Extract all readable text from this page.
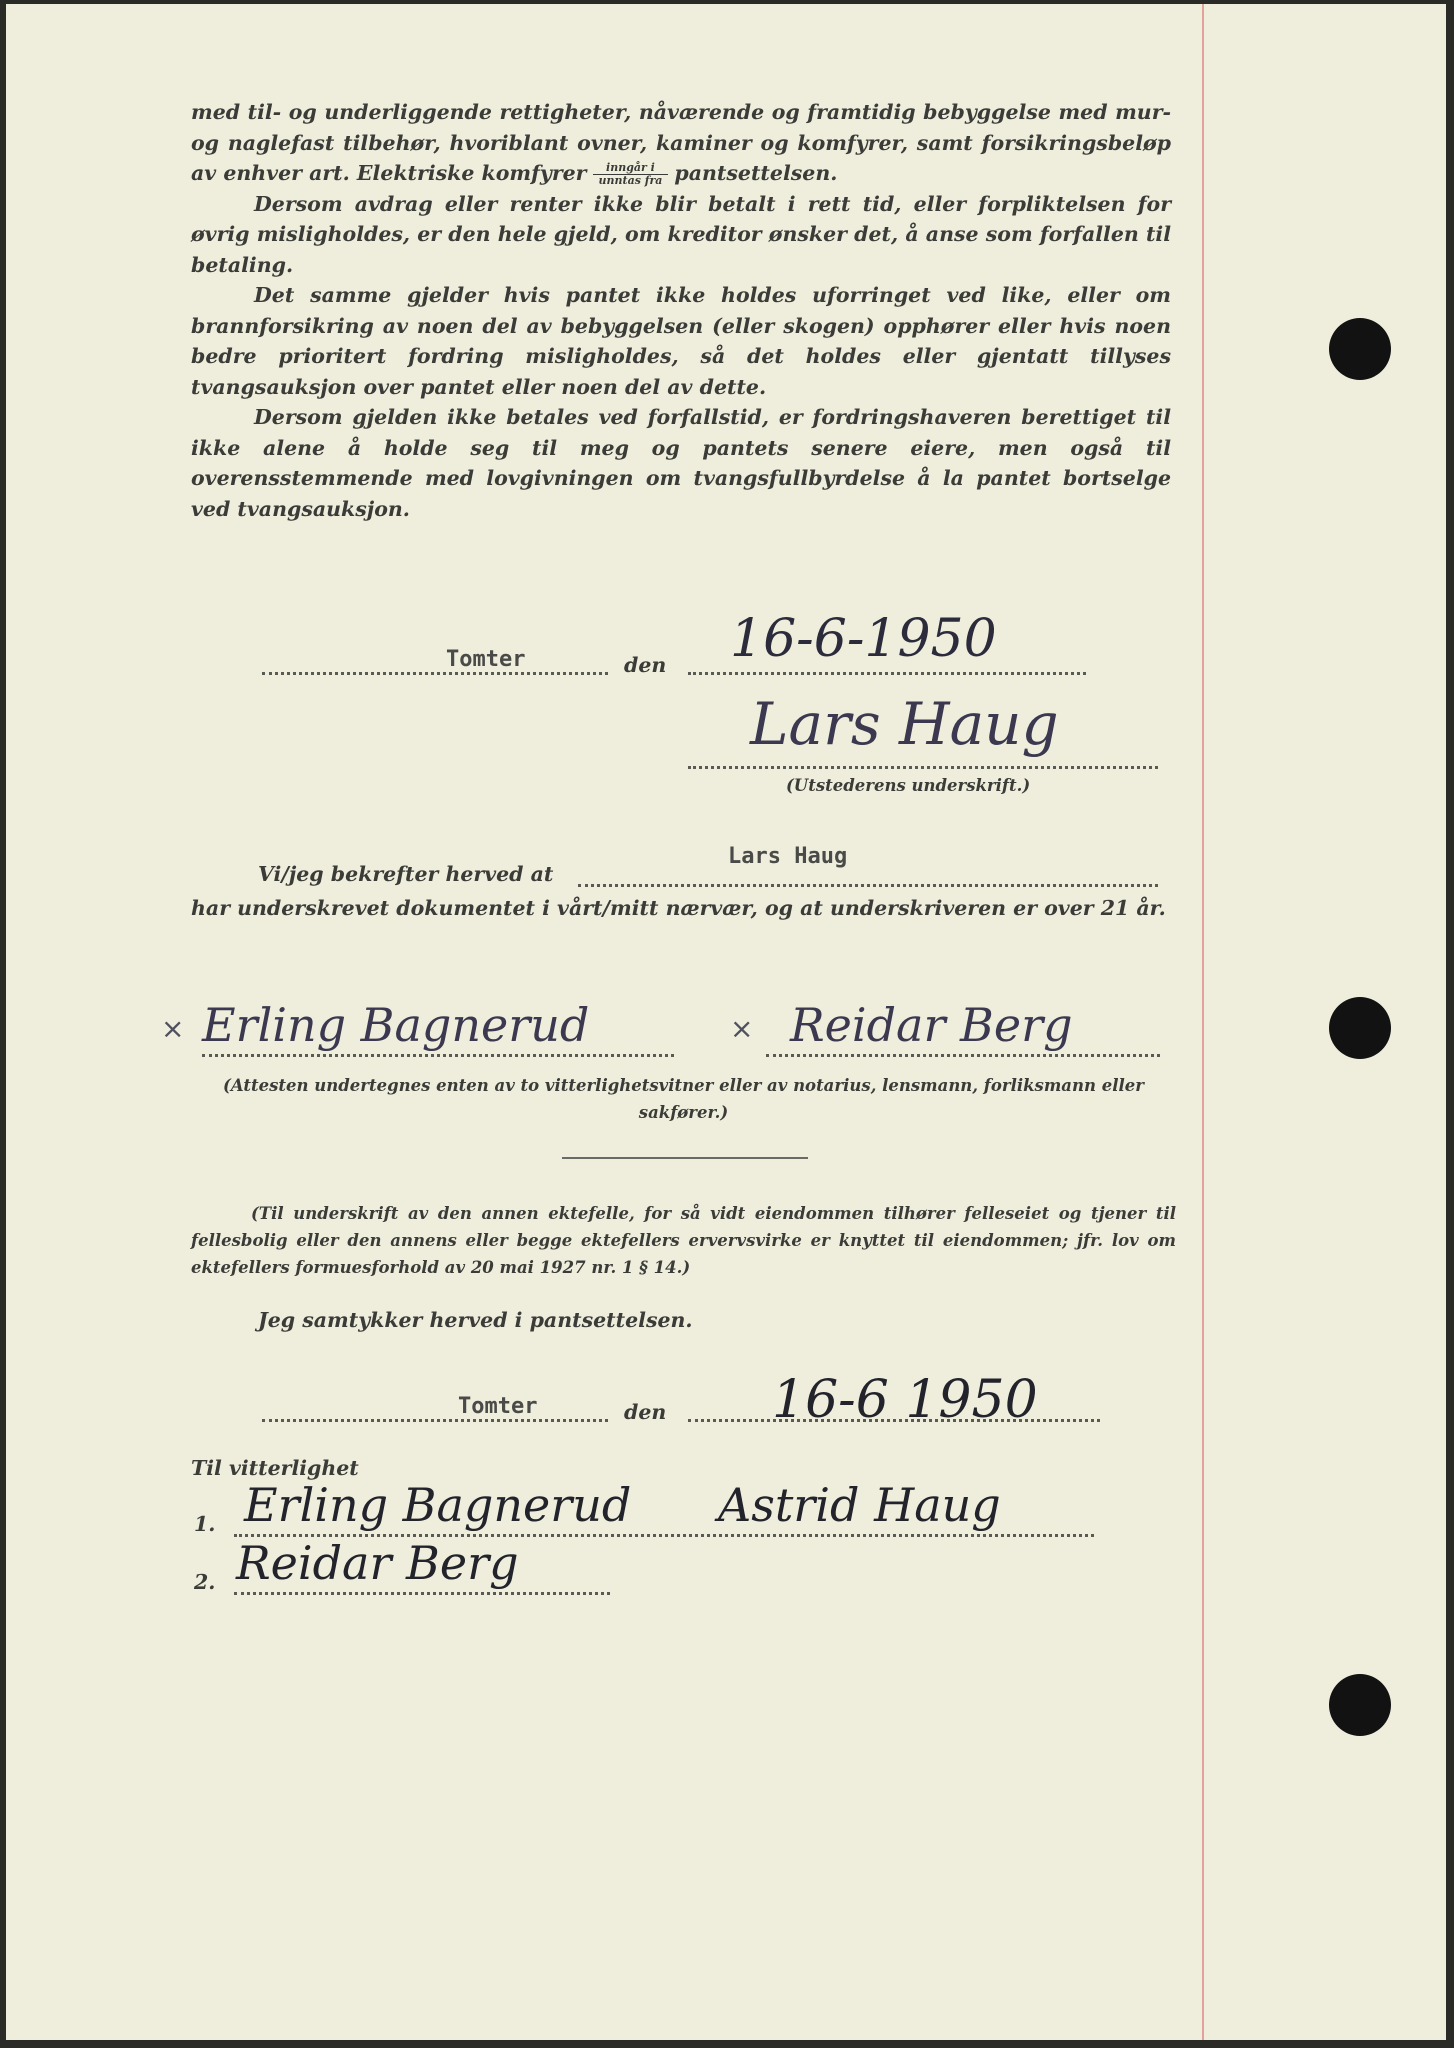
med til- og underliggende rettigheter, nåværende og framtidig bebyggelse med mur- og naglefast tilbehør, hvoriblant ovner, kaminer og komfyrer, samt forsikringsbeløp av enhver art. Elektriske komfyrer $\frac{\text{inngår i}}{\text{unntas fra}}$ pantsettelsen.

Dersom avdrag eller renter ikke blir betalt i rett tid, eller forpliktelsen for øvrig misligholdes, er den hele gjeld, om kreditor ønsker det, å anse som forfallen til betaling.

Det samme gjelder hvis pantet ikke holdes uforringet ved like, eller om brannforsikring av noen del av bebyggelsen (eller skogen) opphører eller hvis noen bedre prioritert fordring misligholdes, så det holdes eller gjentatt tillyses tvangsauksjon over pantet eller noen del av dette.

Dersom gjelden ikke betales ved forfallstid, er fordringshaveren berettiget til ikke alene å holde seg til meg og pantets senere eiere, men også til overensstemmende med lovgivningen om tvangsfullbyrdelse å la pantet bortselge ved tvangsauksjon.

Tomter	den 16-6-1950
Lars Haug
(Utstederens underskrift.)
Lars Haug
Vi/jeg bekrefter herved at
har underskrevet dokumentet i vårt/mitt nærvær, og at underskriveren er over 21 år.
× Erling Bagnerud	× Reidar Berg
(Attesten undertegnes enten av to vitterlighetsvitner eller av notarius, lensmann, forliksmann eller sakfører.)
(Til underskrift av den annen ektefelle, for så vidt eiendommen tilhører felleseiet og tjener til fellesbolig eller den annens eller begge ektefellers ervervsvirke er knyttet til eiendommen; jfr. lov om ektefellers formuesforhold av 20 mai 1927 nr. 1 § 14.)
Jeg samtykker herved i pantsettelsen.
Tomter	den 16-6 1950
Til vitterlighet
1. Erling Bagnerud Astrid Haug
2. Reidar Berg
